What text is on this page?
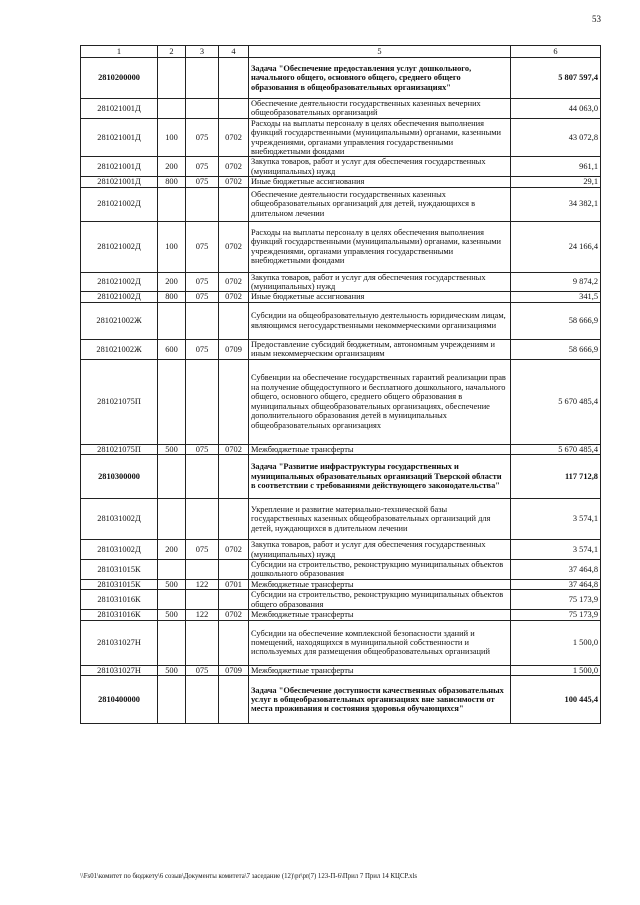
53
1	2	3	4	5	6
2810200000				Задача "Обеспечение предоставления услуг дошкольного, начального общего, основного общего, среднего общего образования в общеобразовательных организациях"	5 807 597,4
281021001Д				Обеспечение деятельности государственных казенных вечерних общеобразовательных организаций	44 063,0
281021001Д	100	075	0702	Расходы на выплаты персоналу в целях обеспечения выполнения функций государственными (муниципальными) органами, казенными учреждениями, органами управления государственными внебюджетными фондами	43 072,8
281021001Д	200	075	0702	Закупка товаров, работ и услуг для обеспечения государственных (муниципальных) нужд	961,1
281021001Д	800	075	0702	Иные бюджетные ассигнования	29,1
281021002Д				Обеспечение деятельности государственных казенных общеобразовательных организаций для детей, нуждающихся в длительном лечении	34 382,1
281021002Д	100	075	0702	Расходы на выплаты персоналу в целях обеспечения выполнения функций государственными (муниципальными) органами, казенными учреждениями, органами управления государственными внебюджетными фондами	24 166,4
281021002Д	200	075	0702	Закупка товаров, работ и услуг для обеспечения государственных (муниципальных) нужд	9 874,2
281021002Д	800	075	0702	Иные бюджетные ассигнования	341,5
281021002Ж				Субсидии на общеобразовательную деятельность юридическим лицам, являющимся негосударственными некоммерческими организациями	58 666,9
281021002Ж	600	075	0709	Предоставление субсидий бюджетным, автономным учреждениям и иным некоммерческим организациям	58 666,9
281021075П				Субвенции на обеспечение государственных гарантий реализации прав на получение общедоступного и бесплатного дошкольного, начального общего, основного общего, среднего общего образования в муниципальных общеобразовательных организациях, обеспечение дополнительного образования детей в муниципальных общеобразовательных организациях	5 670 485,4
281021075П	500	075	0702	Межбюджетные трансферты	5 670 485,4
2810300000				Задача "Развитие инфраструктуры государственных и муниципальных образовательных организаций Тверской области в соответствии с требованиями действующего законодательства"	117 712,8
281031002Д				Укрепление и развитие материально-технической базы государственных казенных общеобразовательных организаций для детей, нуждающихся в длительном лечении	3 574,1
281031002Д	200	075	0702	Закупка товаров, работ и услуг для обеспечения государственных (муниципальных) нужд	3 574,1
281031015К				Субсидии на строительство, реконструкцию муниципальных объектов дошкольного образования	37 464,8
281031015К	500	122	0701	Межбюджетные трансферты	37 464,8
281031016К				Субсидии на строительство, реконструкцию муниципальных объектов общего образования	75 173,9
281031016К	500	122	0702	Межбюджетные трансферты	75 173,9
281031027Н				Субсидии на обеспечение комплексной безопасности зданий и помещений, находящихся в муниципальной собственности и используемых для размещения общеобразовательных организаций	1 500,0
281031027Н	500	075	0709	Межбюджетные трансферты	1 500,0
2810400000				Задача "Обеспечение доступности качественных образовательных услуг в общеобразовательных организациях вне зависимости от места проживания и состояния здоровья обучающихся"	100 445,4
\\Fs01\комитет по бюджету\6 созыв\Документы комитета\7 заседание (12)\pr\pr(7) 123-П-6\Прил 7 Прил 14 КЦСР.xls
